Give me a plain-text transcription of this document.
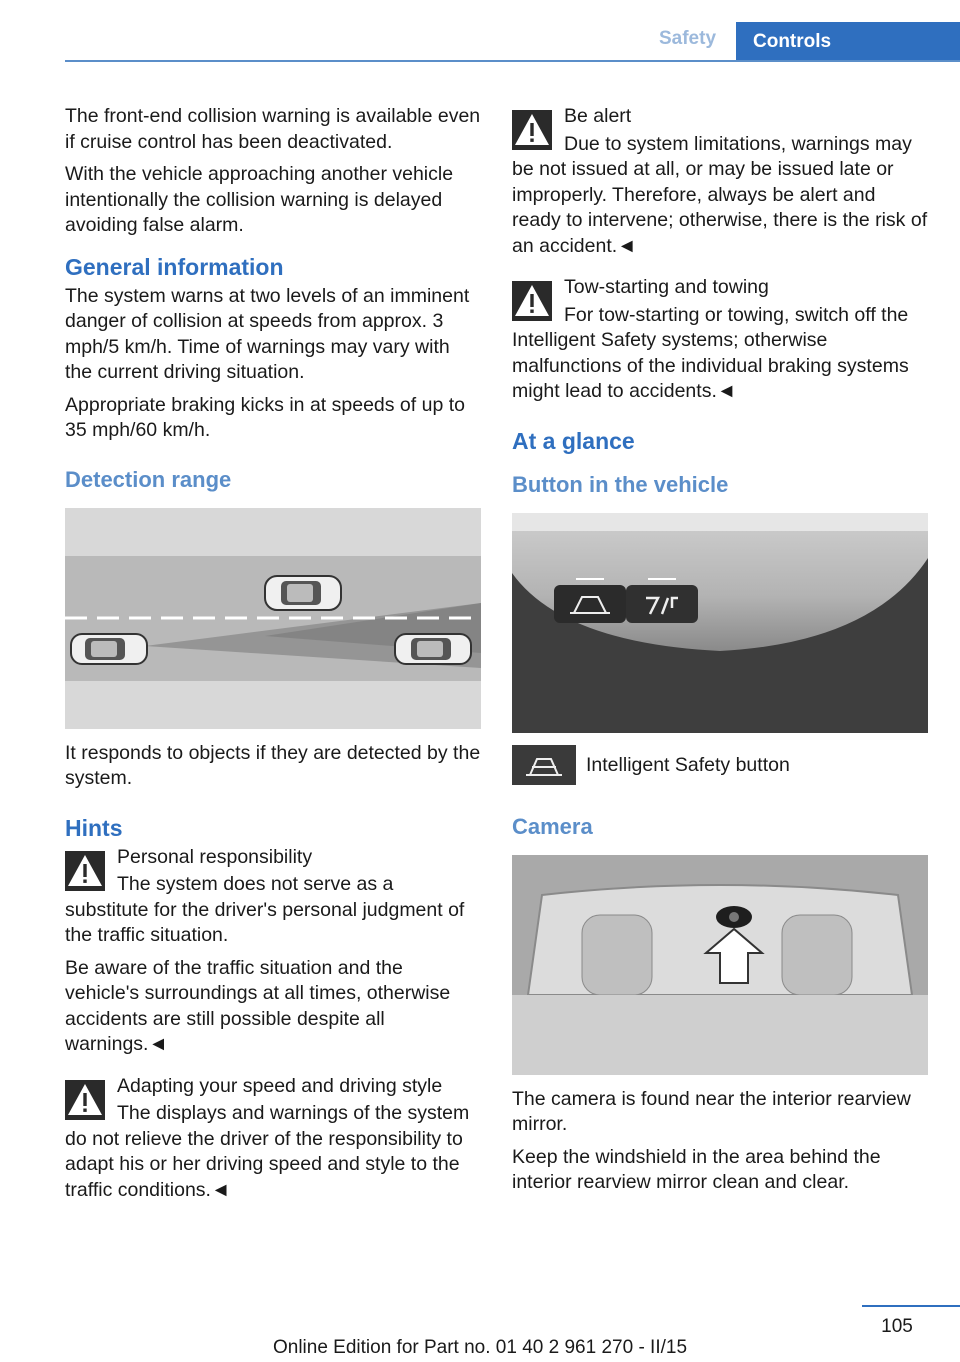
Safety	Controls

The front-end collision warning is available even if cruise control has been deactivated.

With the vehicle approaching another vehicle intentionally the collision warning is delayed avoiding false alarm.

General information

The system warns at two levels of an imminent danger of collision at speeds from approx. 3 mph/5 km/h. Time of warnings may vary with the current driving situation.

Appropriate braking kicks in at speeds of up to 35 mph/60 km/h.

Detection range

It responds to objects if they are detected by the system.

Hints
Personal responsibility

The system does not serve as a substitute for the driver's personal judgment of the traffic situation.

Be aware of the traffic situation and the vehicle's surroundings at all times, otherwise accidents are still possible despite all warnings.◄

Adapting your speed and driving style

The displays and warnings of the system do not relieve the driver of the responsibility to adapt his or her driving speed and style to the traffic conditions.◄

Be alert

Due to system limitations, warnings may be not issued at all, or may be issued late or improperly. Therefore, always be alert and ready to intervene; otherwise, there is the risk of an accident.◄

Tow-starting and towing

For tow-starting or towing, switch off the Intelligent Safety systems; otherwise malfunctions of the individual braking systems might lead to accidents.◄

At a glance
Button in the vehicle
Intelligent Safety button
Camera

The camera is found near the interior rearview mirror.

Keep the windshield in the area behind the interior rearview mirror clean and clear.

105
Online Edition for Part no. 01 40 2 961 270 - II/15
